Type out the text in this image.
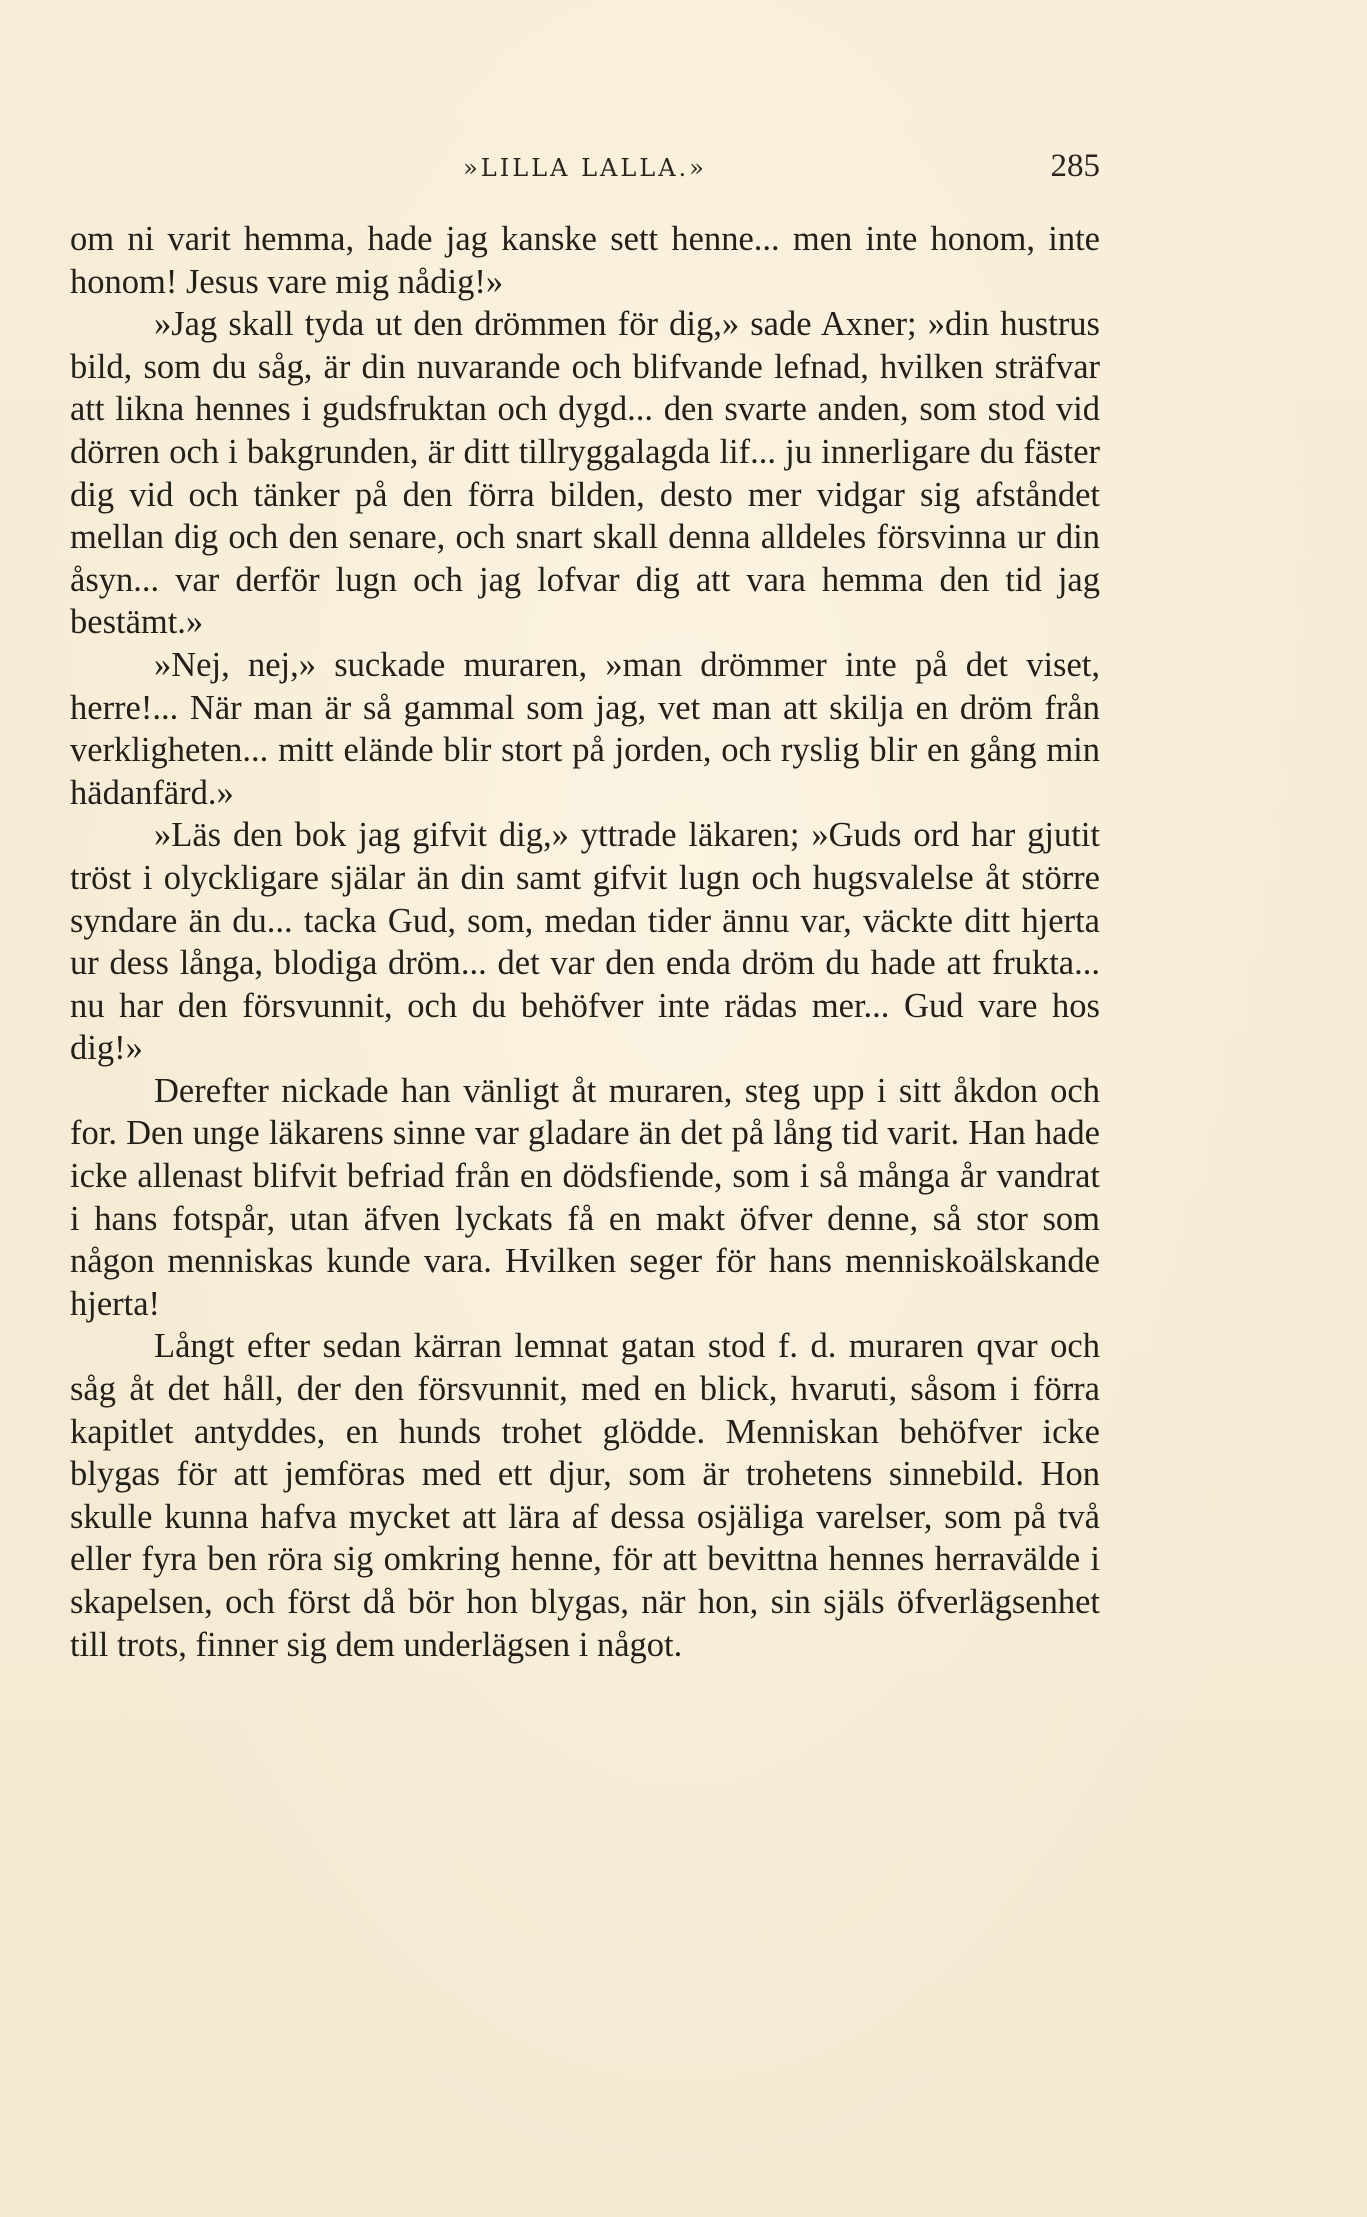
»LILLA LALLA.»	285

om ni varit hemma, hade jag kanske sett henne... men inte honom, inte honom! Jesus vare mig nådig!»

»Jag skall tyda ut den drömmen för dig,» sade Axner; »din hustrus bild, som du såg, är din nuvarande och blifvande lefnad, hvilken sträfvar att likna hennes i gudsfruktan och dygd... den svarte anden, som stod vid dörren och i bakgrunden, är ditt tillryggalagda lif... ju innerligare du fäster dig vid och tänker på den förra bilden, desto mer vidgar sig afståndet mellan dig och den senare, och snart skall denna alldeles försvinna ur din åsyn... var derför lugn och jag lofvar dig att vara hemma den tid jag bestämt.»

»Nej, nej,» suckade muraren, »man drömmer inte på det viset, herre!... När man är så gammal som jag, vet man att skilja en dröm från verkligheten... mitt elände blir stort på jorden, och ryslig blir en gång min hädanfärd.»

»Läs den bok jag gifvit dig,» yttrade läkaren; »Guds ord har gjutit tröst i olyckligare själar än din samt gifvit lugn och hugsvalelse åt större syndare än du... tacka Gud, som, medan tider ännu var, väckte ditt hjerta ur dess långa, blodiga dröm... det var den enda dröm du hade att frukta... nu har den försvunnit, och du behöfver inte rädas mer... Gud vare hos dig!»

Derefter nickade han vänligt åt muraren, steg upp i sitt åkdon och for. Den unge läkarens sinne var gladare än det på lång tid varit. Han hade icke allenast blifvit befriad från en dödsfiende, som i så många år vandrat i hans fotspår, utan äfven lyckats få en makt öfver denne, så stor som någon menniskas kunde vara. Hvilken seger för hans menniskoälskande hjerta!

Långt efter sedan kärran lemnat gatan stod f. d. muraren qvar och såg åt det håll, der den försvunnit, med en blick, hvaruti, såsom i förra kapitlet antyddes, en hunds trohet glödde. Menniskan behöfver icke blygas för att jemföras med ett djur, som är trohetens sinnebild. Hon skulle kunna hafva mycket att lära af dessa osjäliga varelser, som på två eller fyra ben röra sig omkring henne, för att bevittna hennes herravälde i skapelsen, och först då bör hon blygas, när hon, sin själs öfverlägsenhet till trots, finner sig dem underlägsen i något.
